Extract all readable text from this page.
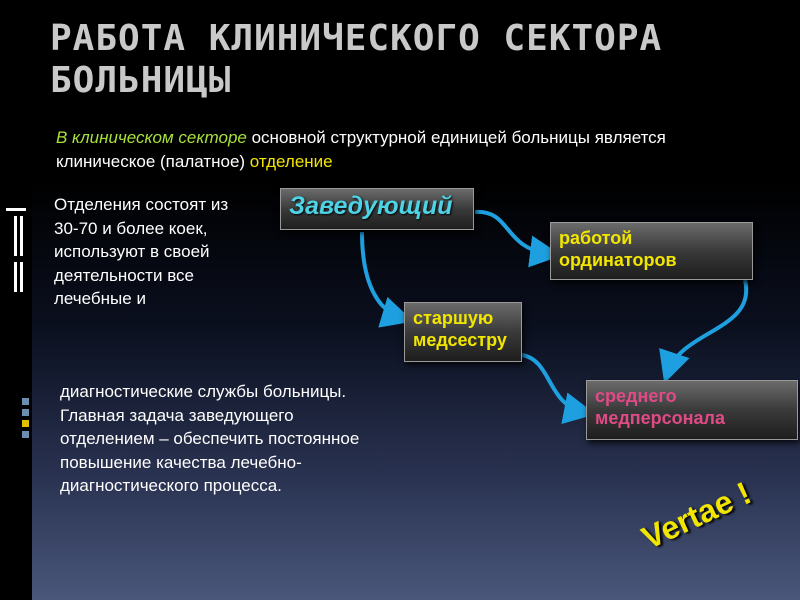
РАБОТА КЛИНИЧЕСКОГО СЕКТОРА БОЛЬНИЦЫ
В клиническом секторе основной структурной единицей больницы является клиническое (палатное) отделение
Отделения состоят из 30-70 и более коек, используют в своей деятельности все лечебные и
диагностические службы больницы. Главная задача заведующего отделением – обеспечить постоянное повышение качества лечебно-диагностического процесса.
Заведующий
работой ординаторов
старшую медсестру
среднего медперсонала
Vertae !
